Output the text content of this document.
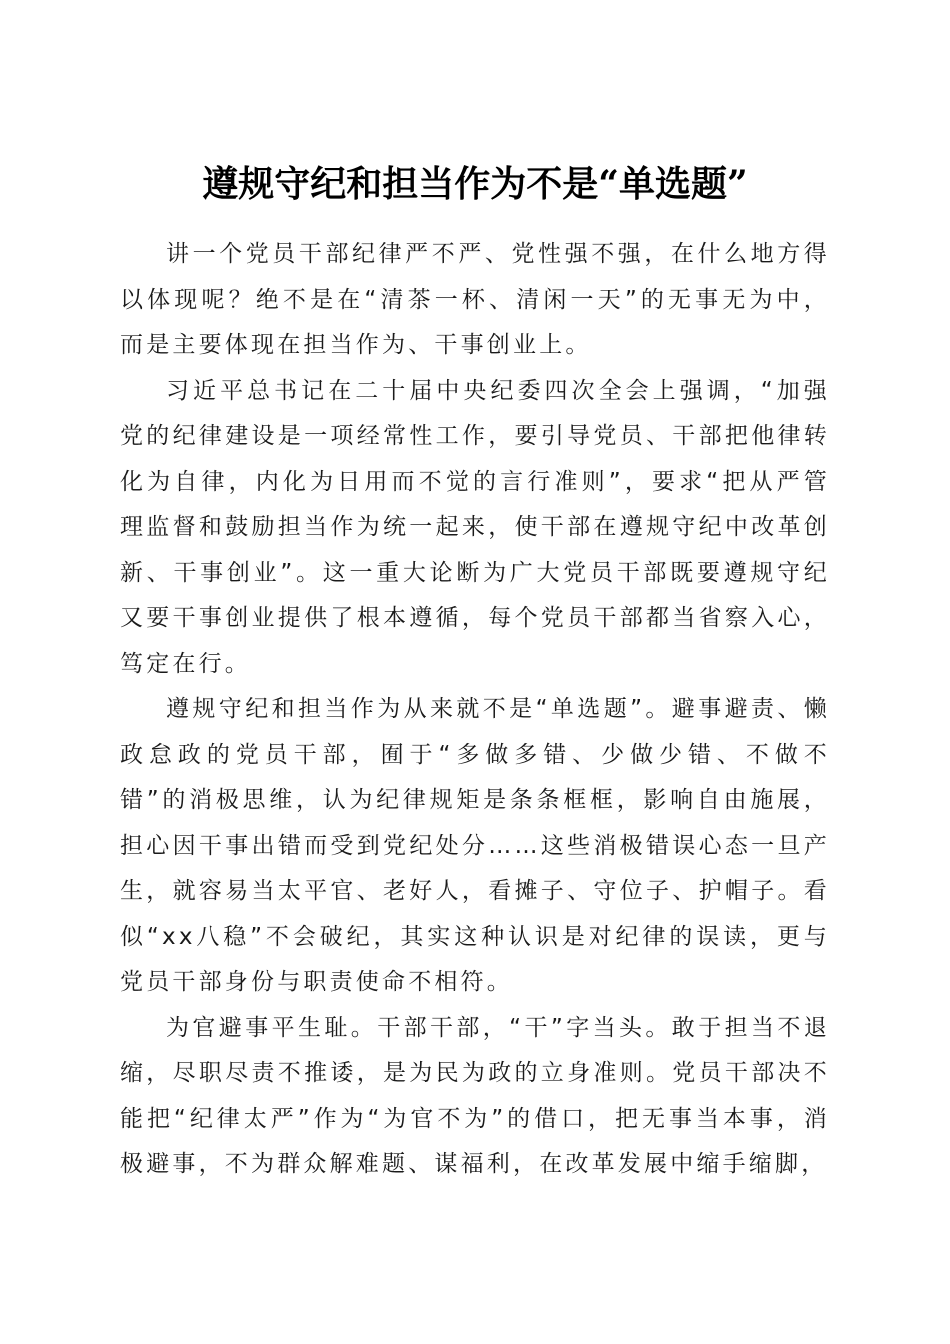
遵规守纪和担当作为不是“单选题”

讲一个党员干部纪律严不严、党性强不强，在什么地方得以体现呢？绝不是在“清茶一杯、清闲一天”的无事无为中，而是主要体现在担当作为、干事创业上。

习近平总书记在二十届中央纪委四次全会上强调，“加强党的纪律建设是一项经常性工作，要引导党员、干部把他律转化为自律，内化为日用而不觉的言行准则”，要求“把从严管理监督和鼓励担当作为统一起来，使干部在遵规守纪中改革创新、干事创业”。这一重大论断为广大党员干部既要遵规守纪又要干事创业提供了根本遵循，每个党员干部都当省察入心，笃定在行。

遵规守纪和担当作为从来就不是“单选题”。避事避责、懒政怠政的党员干部，囿于“多做多错、少做少错、不做不错”的消极思维，认为纪律规矩是条条框框，影响自由施展，担心因干事出错而受到党纪处分……这些消极错误心态一旦产生，就容易当太平官、老好人，看摊子、守位子、护帽子。看似“xx八稳”不会破纪，其实这种认识是对纪律的误读，更与党员干部身份与职责使命不相符。

为官避事平生耻。干部干部，“干”字当头。敢于担当不退缩，尽职尽责不推诿，是为民为政的立身准则。党员干部决不能把“纪律太严”作为“为官不为”的借口，把无事当本事，消极避事，不为群众解难题、谋福利，在改革发展中缩手缩脚，
